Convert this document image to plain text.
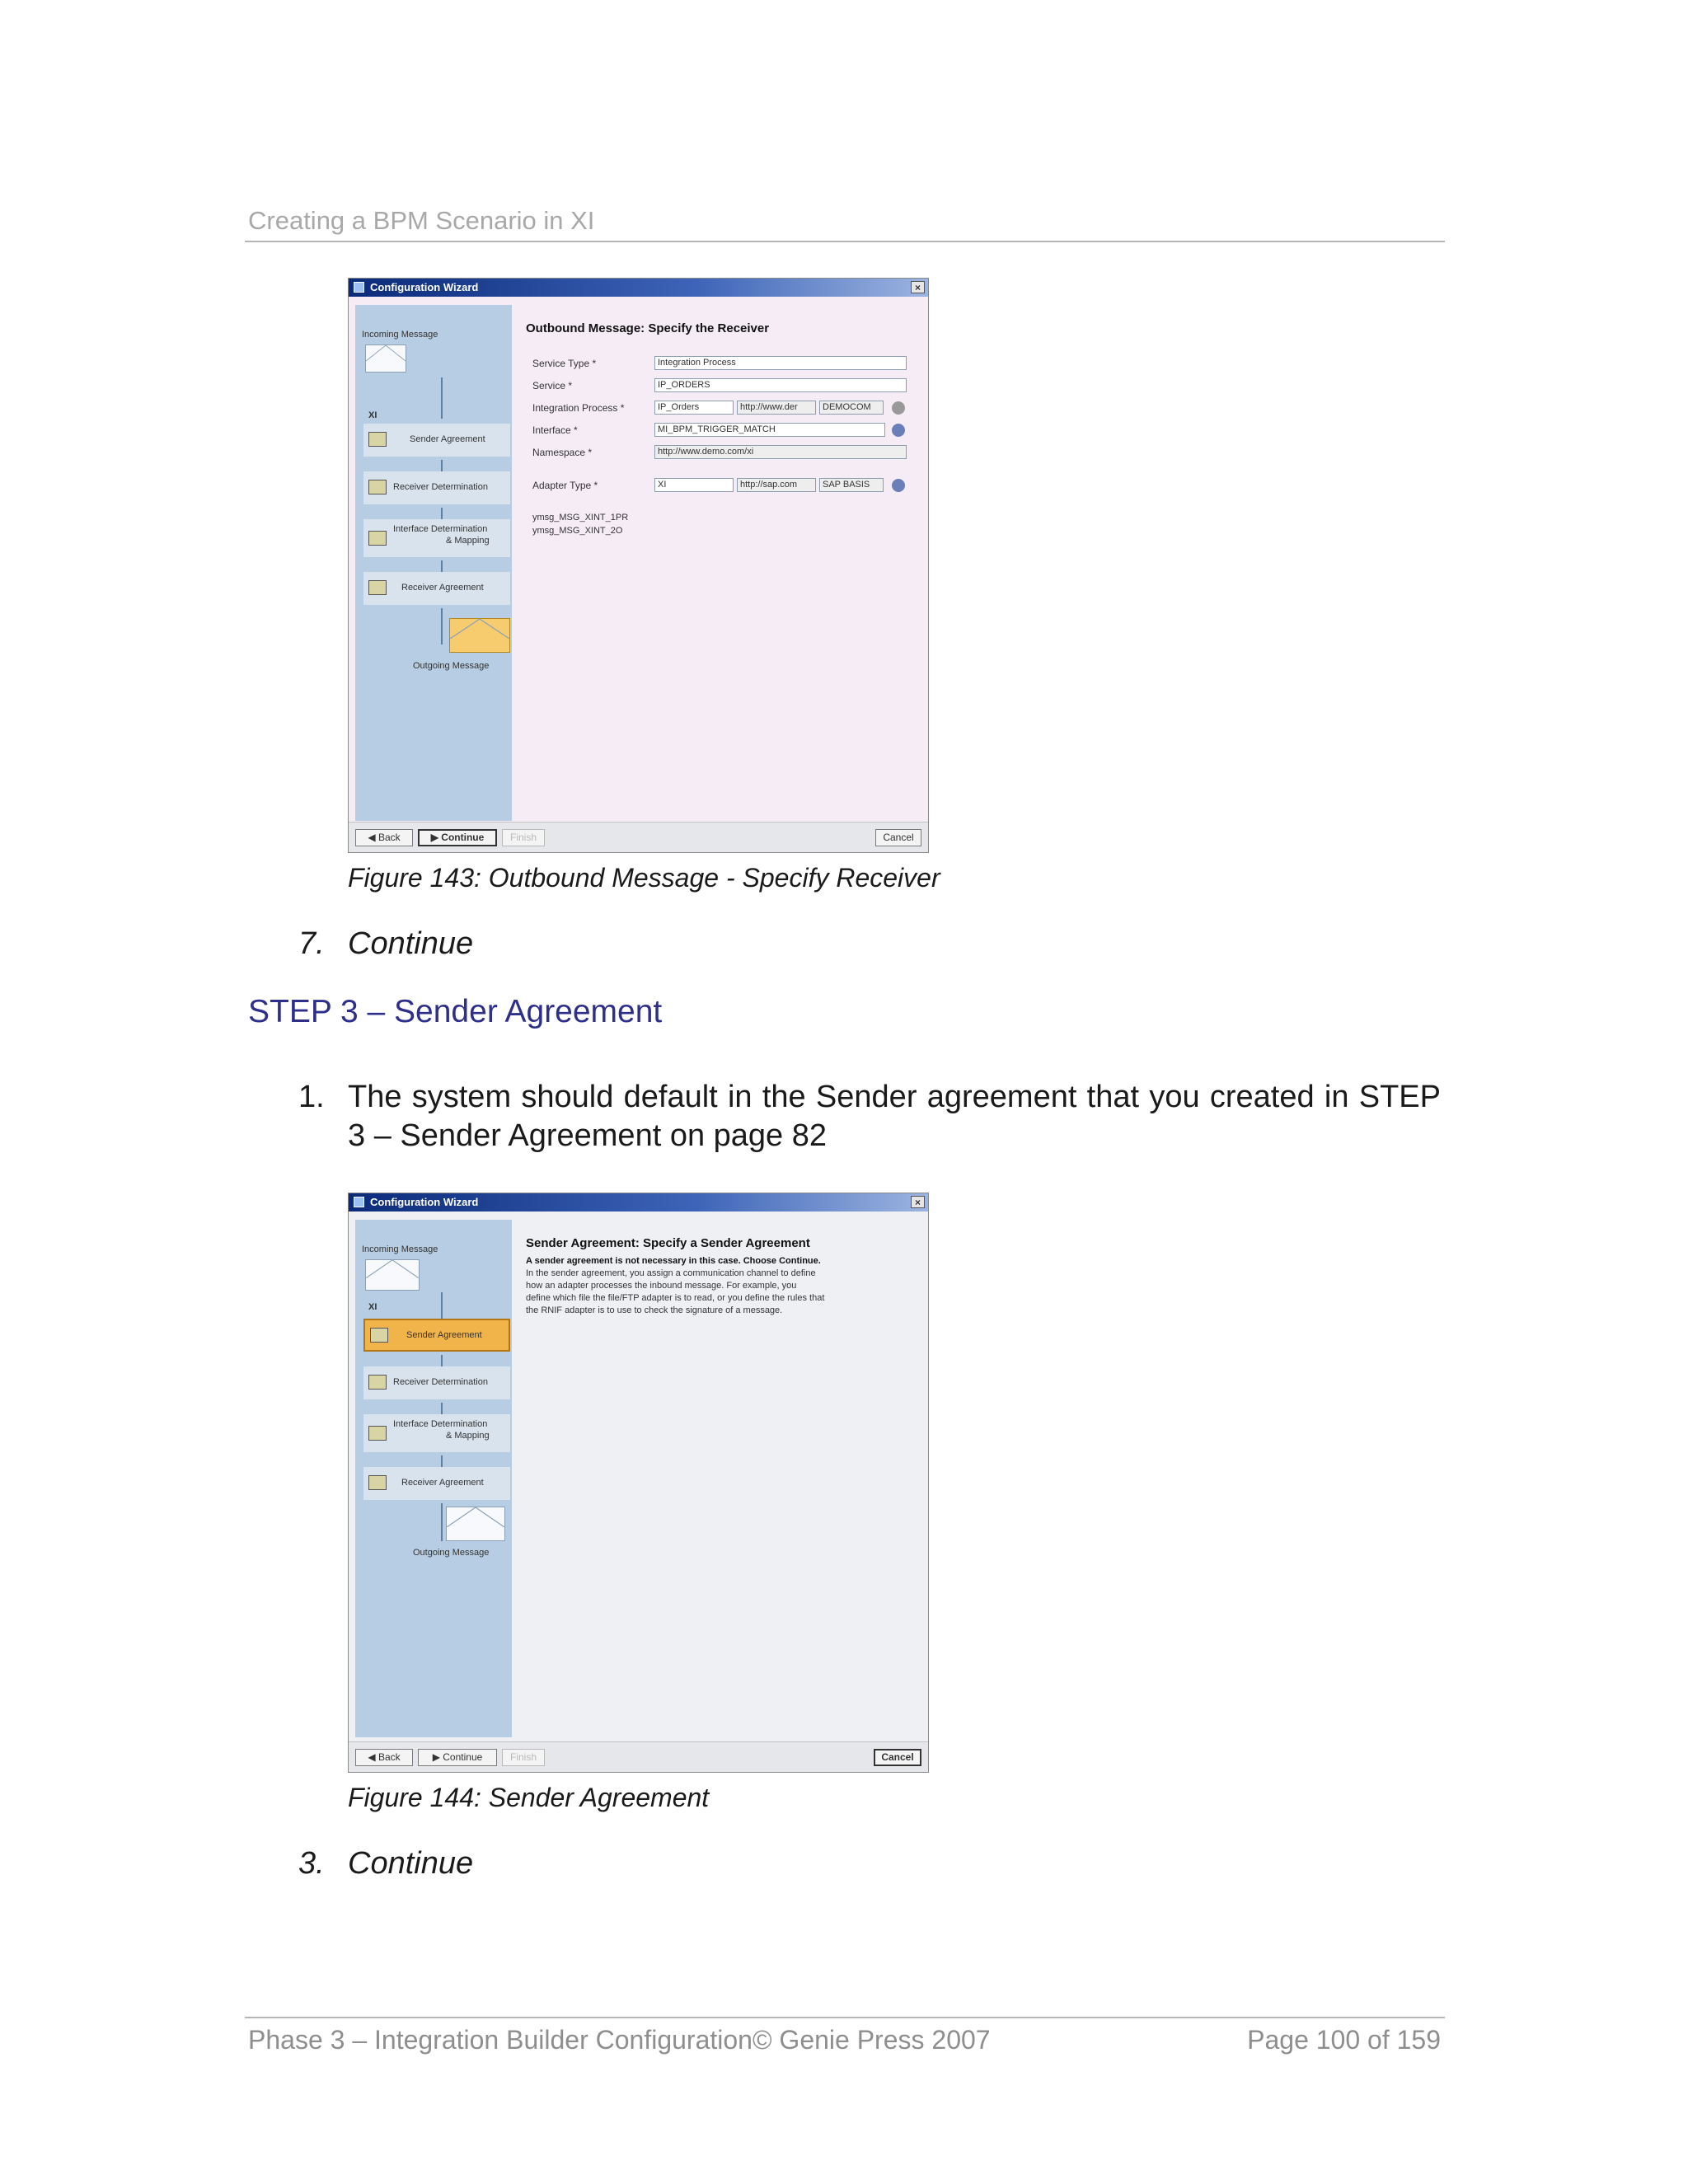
Creating a BPM Scenario in XI
Configuration Wizard	×
Incoming Message
XI
Sender Agreement
Receiver Determination
Interface Determination
& Mapping
Receiver Agreement
Outgoing Message
Outbound Message: Specify the Receiver
Service Type *	Integration Process
Service *	IP_ORDERS
Integration Process *	IP_Orders	http://www.der	DEMOCOM
Interface *	MI_BPM_TRIGGER_MATCH
Namespace *	http://www.demo.com/xi
Adapter Type *	XI	http://sap.com	SAP BASIS
ymsg_MSG_XINT_1PR
ymsg_MSG_XINT_2O
◀ Back	▶ Continue	Finish	Cancel
Figure 143: Outbound Message - Specify Receiver
7. Continue
STEP 3 – Sender Agreement
1. The system should default in the Sender agreement that you created in STEP 3 – Sender Agreement on page 82
Configuration Wizard	×
Incoming Message
XI
Sender Agreement
Receiver Determination
Interface Determination
& Mapping
Receiver Agreement
Outgoing Message
Sender Agreement: Specify a Sender Agreement
A sender agreement is not necessary in this case. Choose Continue.
In the sender agreement, you assign a communication channel to define
how an adapter processes the inbound message. For example, you
define which file the file/FTP adapter is to read, or you define the rules that
the RNIF adapter is to use to check the signature of a message.
◀ Back	▶ Continue	Finish	Cancel
Figure 144: Sender Agreement
3. Continue
Phase 3 – Integration Builder Configuration© Genie Press 2007	Page 100 of 159
